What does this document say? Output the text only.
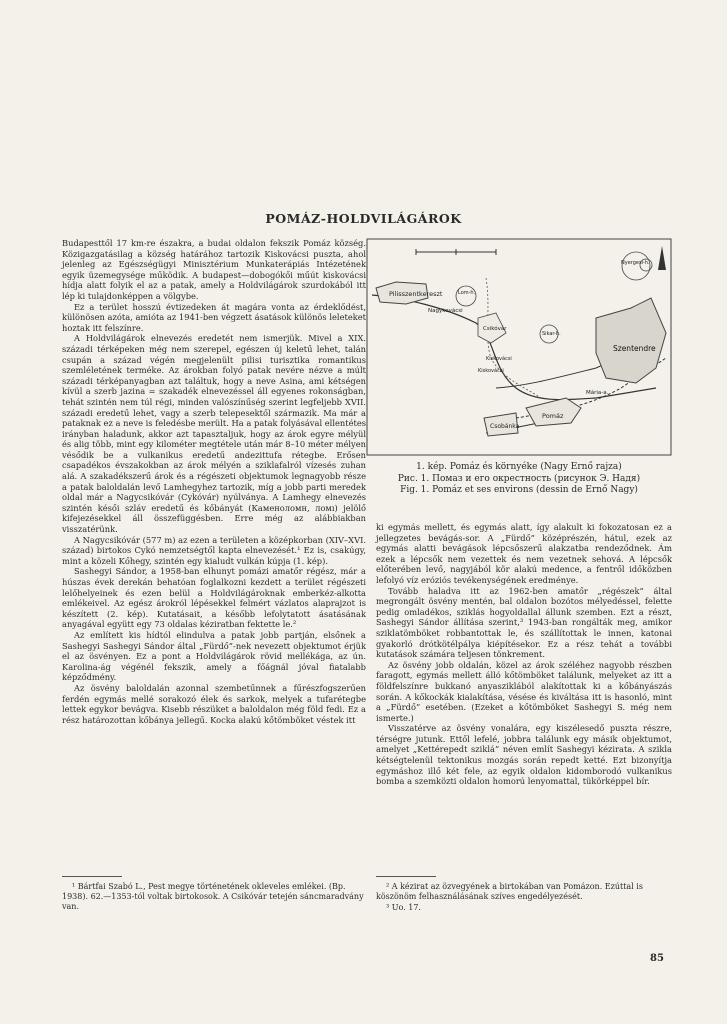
POMÁZ-HOLDVILÁGÁROK

Budapesttől 17 km-re északra, a budai oldalon fekszik Pomáz község. Közigazgatásilag a község határához tartozik Kiskovácsi puszta, ahol jelenleg az Egészségügyi Minisztérium Munkaterápiás Intézetének egyik üzemegysége működik. A budapest—dobogókői műút kiskovácsi hídja alatt folyik el az a patak, amely a Holdvilágárok szurdokából itt lép ki tulajdonképpen a völgybe.

Ez a terület hosszú évtizedeken át magára vonta az érdeklődést, különösen azóta, amióta az 1941-ben végzett ásatások különös leleteket hoztak itt felszínre.

A Holdvilágárok elnevezés eredetét nem ismerjük. Mivel a XIX. századi térképeken még nem szerepel, egészen új keletű lehet, talán csupán a század végén megjelenült pilisi turisztika romantikus szemléletének terméke. Az árokban folyó patak nevére nézve a múlt századi térképanyagban azt találtuk, hogy a neve Asina, ami kétségen kívül a szerb jazina = szakadék elnevezéssel áll egyenes rokonságban, tehát szintén nem túl régi, minden valószínűség szerint legfeljebb XVII. századi eredetű lehet, vagy a szerb telepesektől származik. Ma már a pataknak ez a neve is feledésbe merült. Ha a patak folyásával ellentétes irányban haladunk, akkor azt tapasztaljuk, hogy az árok egyre mélyül és alig több, mint egy kilométer megtétele után már 8–10 méter mélyen vésődik be a vulkanikus eredetű andezittufa rétegbe. Erősen csapadékos évszakokban az árok mélyén a sziklafalról vízesés zuhan alá. A szakadékszerű árok és a régészeti objektumok legnagyobb része a patak baloldalán levő Lamhegyhez tartozik, míg a jobb parti meredek oldal már a Nagycsikóvár (Cykóvár) nyúlványa. A Lamhegy elnevezés szintén késői szláv eredetű és kőbányát (Каменоломн, ломı) jelölő kifejezésekkel áll összefüggésben. Erre még az alábbiakban visszatérünk.

A Nagycsikóvár (577 m) az ezen a területen a középkorban (XIV–XVI. század) birtokos Cykó nemzetségtől kapta elnevezését.¹ Ez is, csakúgy, mint a közeli Kőhegy, szintén egy kialudt vulkán kúpja (1. kép).

Sashegyi Sándor, a 1958-ban elhunyt pomázi amatőr régész, már a húszas évek derekán behatóan foglalkozni kezdett a terület régészeti lelőhelyeinek és ezen belül a Holdvilágároknak emberkéz-alkotta emlékeivel. Az egész árokról lépésekkel felmért vázlatos alaprajzot is készített (2. kép). Kutatásait, a később lefolytatott ásatásának anyagával együtt egy 73 oldalas kéziratban fektette le.²

Az említett kis hídtól elindulva a patak jobb partján, elsőnek a Sashegyi Sashegyi Sándor által „Fürdő”-nek nevezett objektumot érjük el az ösvényen. Ez a pont a Holdvilágárok rövid mellékága, az ún. Karolina-ág végénél fekszik, amely a főágnál jóval fiatalabb képződmény.

Az ösvény baloldalán azonnal szembetűnnek a fűrészfogszerűen ferdén egymás mellé sorakozó élek és sarkok, melyek a tufarétegbe lettek egykor bevágva. Kisebb részüket a baloldalon még föld fedi. Ez a rész határozottan kőbánya jellegű. Kocka alakú kőtömböket véstek itt

Pilisszentkereszt
Nagykovácsi
Lom-h.
Csikóvár
Kiskovácsi
Kiskovácsi
Sikar-h.
Nyergesi-h.
Szentendre
Mária-a.
Pomáz
Csobánka
1. kép. Pomáz és környéke (Nagy Ernő rajza)
Рис. 1. Помаз и его окрестность (рисунок Э. Надя)
Fig. 1. Pomáz et ses environs (dessin de Ernő Nagy)

ki egymás mellett, és egymás alatt, így alakult ki fokozatosan ez a jellegzetes bevágás-sor. A „Fürdő” középrészén, hátul, ezek az egymás alatti bevágások lépcsőszerű alakzatba rendeződnek. Ám ezek a lépcsők nem vezettek és nem vezetnek sehová. A lépcsők előterében levő, nagyjából kör alakú medence, a fentről időközben lefolyó víz eróziós tevékenységének eredménye.

Tovább haladva itt az 1962-ben amatőr „régészek” által megrongált ösvény mentén, bal oldalon bozótos mélyedéssel, felette pedig omladékos, sziklás hogyoldallal állunk szemben. Ezt a részt, Sashegyi Sándor állítása szerint,³ 1943-ban rongálták meg, amikor sziklatömböket robbantottak le, és szállítottak le innen, katonai gyakorló drótkötélpálya kiépítésekor. Ez a rész tehát a további kutatások számára teljesen tönkrement.

Az ösvény jobb oldalán, közel az árok széléhez nagyobb részben faragott, egymás mellett álló kőtömböket találunk, melyeket az itt a földfelszínre bukkanó anyasziklából alakítottak ki a kőbányászás során. A kőkockák kialakítása, vésése és kiváltása itt is hasonló, mint a „Fürdő” esetében. (Ezeket a kőtömböket Sashegyi S. még nem ismerte.)

Visszatérve az ösvény vonalára, egy kiszélesedő puszta részre, térségre jutunk. Ettől lefelé, jobbra találunk egy másik objektumot, amelyet „Kettérepedt sziklá” néven említ Sashegyi kézirata. A szikla kétségtelenül tektonikus mozgás során repedt ketté. Ezt bizonyítja egymáshoz illő két fele, az egyik oldalon kidomborodó vulkanikus bomba a szemközti oldalon homorú lenyomattal, tükörképpel bír.

¹ Bártfai Szabó L., Pest megye történetének okleveles emlékei. (Bp. 1938). 62.—1353-tól voltak birtokosok. A Csikóvár tetején sáncmaradvány van.

² A kézirat az özvegyének a birtokában van Pomázon. Ezúttal is köszönöm felhasználásának szíves engedélyezését.

³ Uo. 17.

85
